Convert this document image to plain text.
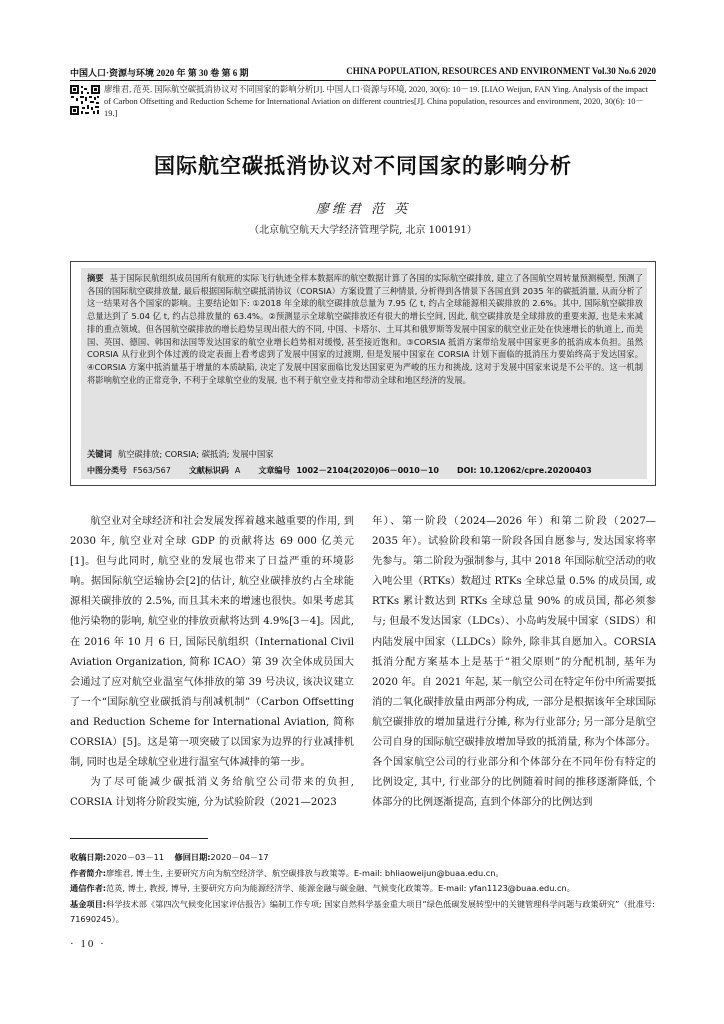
中国人口·资源与环境 2020 年 第 30 卷 第 6 期	CHINA POPULATION, RESOURCES AND ENVIRONMENT Vol.30 No.6 2020
廖维君, 范英. 国际航空碳抵消协议对不同国家的影响分析[J]. 中国人口·资源与环境, 2020, 30(6): 10－19. [LIAO Weijun, FAN Ying. Analysis of the impact of Carbon Offsetting and Reduction Scheme for International Aviation on different countries[J]. China population, resources and environment, 2020, 30(6): 10－19.]
国际航空碳抵消协议对不同国家的影响分析
廖维君 范 英
（北京航空航天大学经济管理学院, 北京 100191）
摘要 基于国际民航组织成员国所有航班的实际飞行轨迹全样本数据库的航空数据计算了各国的实际航空碳排放, 建立了各国航空周转量预测模型, 预测了各国的国际航空碳排放量, 最后根据国际航空碳抵消协议（CORSIA）方案设置了三种情景, 分析得到各情景下各国直到 2035 年的碳抵消量, 从而分析了这一结果对各个国家的影响。主要结论如下: ①2018 年全球的航空碳排放总量为 7.95 亿 t, 约占全球能源相关碳排放的 2.6%。其中, 国际航空碳排放总量达到了 5.04 亿 t, 约占总排放量的 63.4%。②预测显示全球航空碳排放还有很大的增长空间, 因此, 航空碳排放是全球排放的重要来源, 也是未来减排的重点领域。但各国航空碳排放的增长趋势呈现出很大的不同, 中国、卡塔尔、土耳其和俄罗斯等发展中国家的航空业正处在快速增长的轨道上, 而美国、英国、德国、韩国和法国等发达国家的航空业增长趋势相对缓慢, 甚至接近饱和。③CORSIA 抵消方案带给发展中国家更多的抵消成本负担。虽然 CORSIA 从行业到个体过渡的设定表面上看考虑到了发展中国家的过渡期, 但是发展中国家在 CORSIA 计划下面临的抵消压力要始终高于发达国家。④CORSIA 方案中抵消量基于增量的本质缺陷, 决定了发展中国家面临比发达国家更为严峻的压力和挑战, 这对于发展中国家来说是不公平的。这一机制将影响航空业的正常竞争, 不利于全球航空业的发展, 也不利于航空业支持和带动全球和地区经济的发展。
关键词 航空碳排放; CORSIA; 碳抵消; 发展中国家
中图分类号 F563/567 文献标识码 A 文章编号 1002－2104(2020)06－0010－10 DOI: 10.12062/cpre.20200403

航空业对全球经济和社会发展发挥着越来越重要的作用, 到 2030 年, 航空业对全球 GDP 的贡献将达 69 000 亿美元[1]。但与此同时, 航空业的发展也带来了日益严重的环境影响。据国际航空运输协会[2]的估计, 航空业碳排放约占全球能源相关碳排放的 2.5%, 而且其未来的增速也很快。如果考虑其他污染物的影响, 航空业的排放贡献将达到 4.9%[3－4]。因此, 在 2016 年 10 月 6 日, 国际民航组织（International Civil Aviation Organization, 简称 ICAO）第 39 次全体成员国大会通过了应对航空业温室气体排放的第 39 号决议, 该决议建立了一个“国际航空业碳抵消与削减机制”（Carbon Offsetting and Reduction Scheme for International Aviation, 简称 CORSIA）[5]。这是第一项突破了以国家为边界的行业减排机制, 同时也是全球航空业进行温室气体减排的第一步。

为了尽可能减少碳抵消义务给航空公司带来的负担, CORSIA 计划将分阶段实施, 分为试验阶段（2021—2023

年）、第一阶段（2024—2026 年）和第二阶段（2027—2035 年）。试验阶段和第一阶段各国自愿参与, 发达国家将率先参与。第二阶段为强制参与, 其中 2018 年国际航空活动的收入吨公里（RTKs）数超过 RTKs 全球总量 0.5% 的成员国, 或 RTKs 累计数达到 RTKs 全球总量 90% 的成员国, 都必须参与; 但最不发达国家（LDCs）、小岛屿发展中国家（SIDS）和内陆发展中国家（LLDCs）除外, 除非其自愿加入。CORSIA 抵消分配方案基本上是基于“祖父原则”的分配机制, 基年为 2020 年。自 2021 年起, 某一航空公司在特定年份中所需要抵消的二氧化碳排放量由两部分构成, 一部分是根据该年全球国际航空碳排放的增加量进行分摊, 称为行业部分; 另一部分是航空公司自身的国际航空碳排放增加导致的抵消量, 称为个体部分。各个国家航空公司的行业部分和个体部分在不同年份有特定的比例设定, 其中, 行业部分的比例随着时间的推移逐渐降低, 个体部分的比例逐渐提高, 直到个体部分的比例达到

收稿日期:2020－03－11 修回日期:2020－04－17
作者简介:廖维君, 博士生, 主要研究方向为航空经济学、航空碳排放与政策等。E-mail: bhliaoweijun@buaa.edu.cn。
通信作者:范英, 博士, 教授, 博导, 主要研究方向为能源经济学、能源金融与碳金融、气候变化政策等。E-mail: yfan1123@buaa.edu.cn。
基金项目:科学技术部《第四次气候变化国家评估报告》编制工作专项; 国家自然科学基金重大项目“绿色低碳发展转型中的关键管理科学问题与政策研究”（批准号: 71690245）。
· 10 ·
